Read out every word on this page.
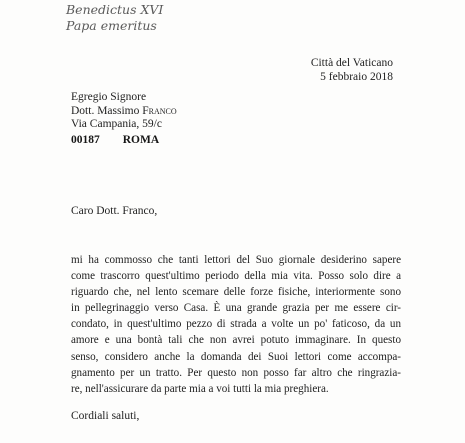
Benedictus XVI
Papa emeritus
Città del Vaticano
5 febbraio 2018
Egregio Signore
Dott. Massimo Franco
Via Campania, 59/c
00187 ROMA
Caro Dott. Franco,
mi ha commosso che tanti lettori del Suo giornale desiderino sapere
come trascorro quest'ultimo periodo della mia vita. Posso solo dire a
riguardo che, nel lento scemare delle forze fisiche, interiormente sono
in pellegrinaggio verso Casa. È una grande grazia per me essere cir-
condato, in quest'ultimo pezzo di strada a volte un po' faticoso, da un
amore e una bontà tali che non avrei potuto immaginare. In questo
senso, considero anche la domanda dei Suoi lettori come accompa-
gnamento per un tratto. Per questo non posso far altro che ringrazia-
re, nell'assicurare da parte mia a voi tutti la mia preghiera.
Cordiali saluti,
